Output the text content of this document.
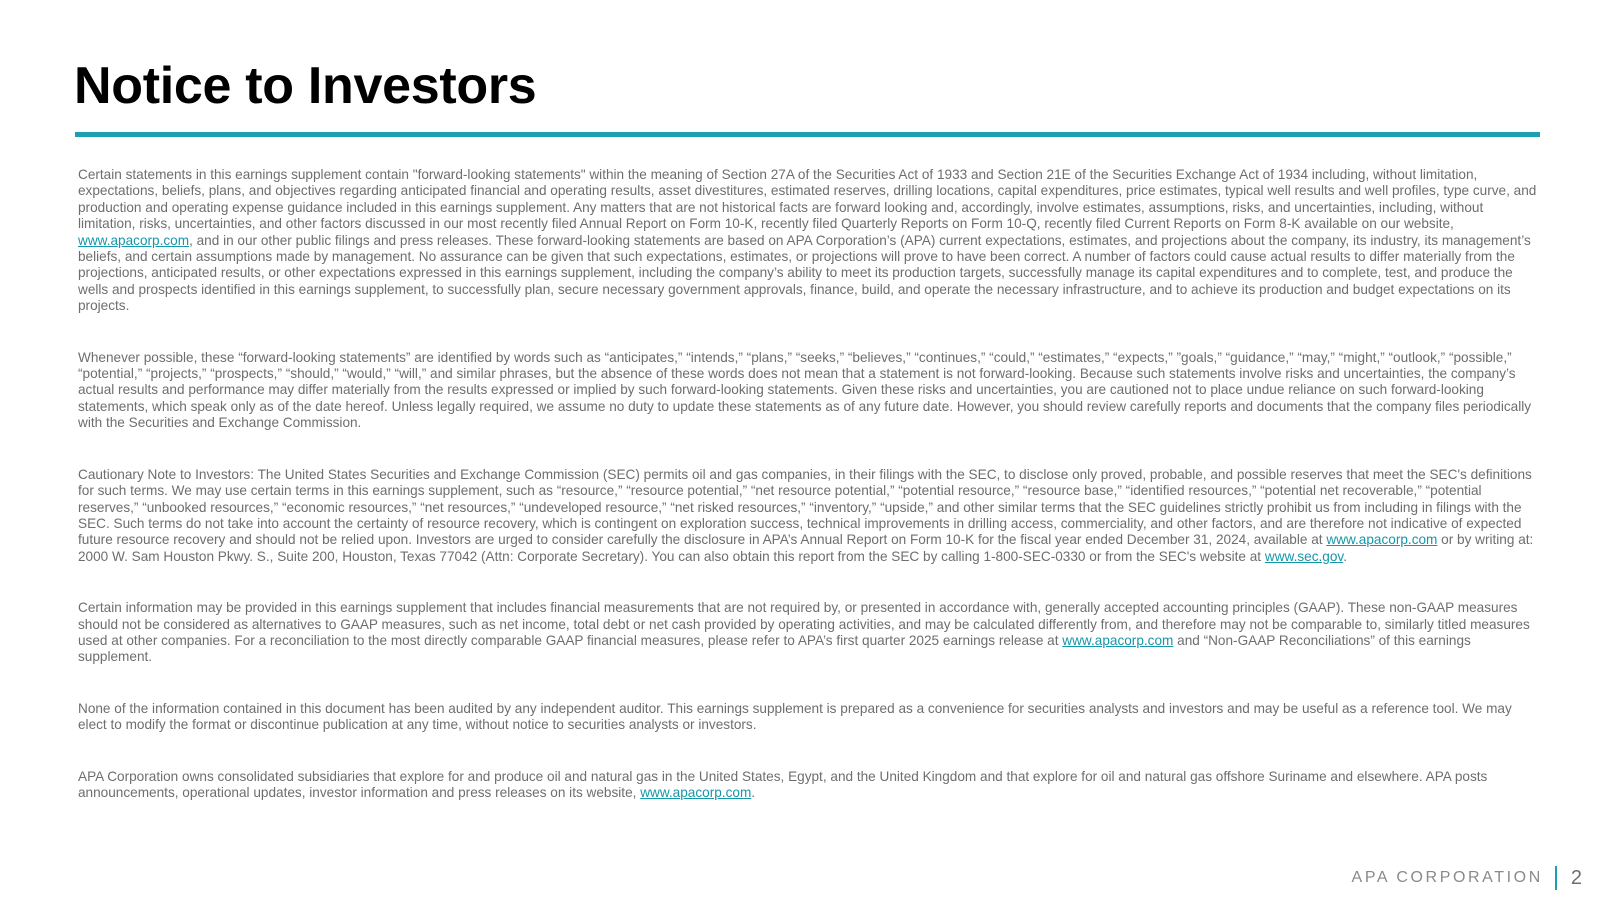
Notice to Investors

Certain statements in this earnings supplement contain "forward-looking statements" within the meaning of Section 27A of the Securities Act of 1933 and Section 21E of the Securities Exchange Act of 1934 including, without limitation, expectations, beliefs, plans, and objectives regarding anticipated financial and operating results, asset divestitures, estimated reserves, drilling locations, capital expenditures, price estimates, typical well results and well profiles, type curve, and production and operating expense guidance included in this earnings supplement. Any matters that are not historical facts are forward looking and, accordingly, involve estimates, assumptions, risks, and uncertainties, including, without limitation, risks, uncertainties, and other factors discussed in our most recently filed Annual Report on Form 10-K, recently filed Quarterly Reports on Form 10-Q, recently filed Current Reports on Form 8-K available on our website, www.apacorp.com, and in our other public filings and press releases. These forward-looking statements are based on APA Corporation’s (APA) current expectations, estimates, and projections about the company, its industry, its management’s beliefs, and certain assumptions made by management. No assurance can be given that such expectations, estimates, or projections will prove to have been correct. A number of factors could cause actual results to differ materially from the projections, anticipated results, or other expectations expressed in this earnings supplement, including the company’s ability to meet its production targets, successfully manage its capital expenditures and to complete, test, and produce the wells and prospects identified in this earnings supplement, to successfully plan, secure necessary government approvals, finance, build, and operate the necessary infrastructure, and to achieve its production and budget expectations on its projects.

Whenever possible, these “forward-looking statements” are identified by words such as “anticipates,” “intends,” “plans,” “seeks,” “believes,” “continues,” “could,” “estimates,” “expects,” ”goals,” “guidance,” “may,” “might,” “outlook,” “possible,” “potential,” “projects,” “prospects,” “should,” “would,” “will,” and similar phrases, but the absence of these words does not mean that a statement is not forward-looking. Because such statements involve risks and uncertainties, the company’s actual results and performance may differ materially from the results expressed or implied by such forward-looking statements. Given these risks and uncertainties, you are cautioned not to place undue reliance on such forward-looking statements, which speak only as of the date hereof. Unless legally required, we assume no duty to update these statements as of any future date. However, you should review carefully reports and documents that the company files periodically with the Securities and Exchange Commission.

Cautionary Note to Investors: The United States Securities and Exchange Commission (SEC) permits oil and gas companies, in their filings with the SEC, to disclose only proved, probable, and possible reserves that meet the SEC's definitions for such terms. We may use certain terms in this earnings supplement, such as “resource,” “resource potential,” “net resource potential,” “potential resource,” “resource base,” “identified resources,” “potential net recoverable,” “potential reserves,” “unbooked resources,” “economic resources,” “net resources,” “undeveloped resource,” “net risked resources,” “inventory,” “upside,” and other similar terms that the SEC guidelines strictly prohibit us from including in filings with the SEC. Such terms do not take into account the certainty of resource recovery, which is contingent on exploration success, technical improvements in drilling access, commerciality, and other factors, and are therefore not indicative of expected future resource recovery and should not be relied upon. Investors are urged to consider carefully the disclosure in APA’s Annual Report on Form 10-K for the fiscal year ended December 31, 2024, available at www.apacorp.com or by writing at: 2000 W. Sam Houston Pkwy. S., Suite 200, Houston, Texas 77042 (Attn: Corporate Secretary). You can also obtain this report from the SEC by calling 1-800-SEC-0330 or from the SEC's website at www.sec.gov.

Certain information may be provided in this earnings supplement that includes financial measurements that are not required by, or presented in accordance with, generally accepted accounting principles (GAAP). These non-GAAP measures should not be considered as alternatives to GAAP measures, such as net income, total debt or net cash provided by operating activities, and may be calculated differently from, and therefore may not be comparable to, similarly titled measures used at other companies. For a reconciliation to the most directly comparable GAAP financial measures, please refer to APA’s first quarter 2025 earnings release at www.apacorp.com and “Non-GAAP Reconciliations” of this earnings supplement.

None of the information contained in this document has been audited by any independent auditor. This earnings supplement is prepared as a convenience for securities analysts and investors and may be useful as a reference tool. We may elect to modify the format or discontinue publication at any time, without notice to securities analysts or investors.

APA Corporation owns consolidated subsidiaries that explore for and produce oil and natural gas in the United States, Egypt, and the United Kingdom and that explore for oil and natural gas offshore Suriname and elsewhere. APA posts announcements, operational updates, investor information and press releases on its website, www.apacorp.com.

APA CORPORATION 2
